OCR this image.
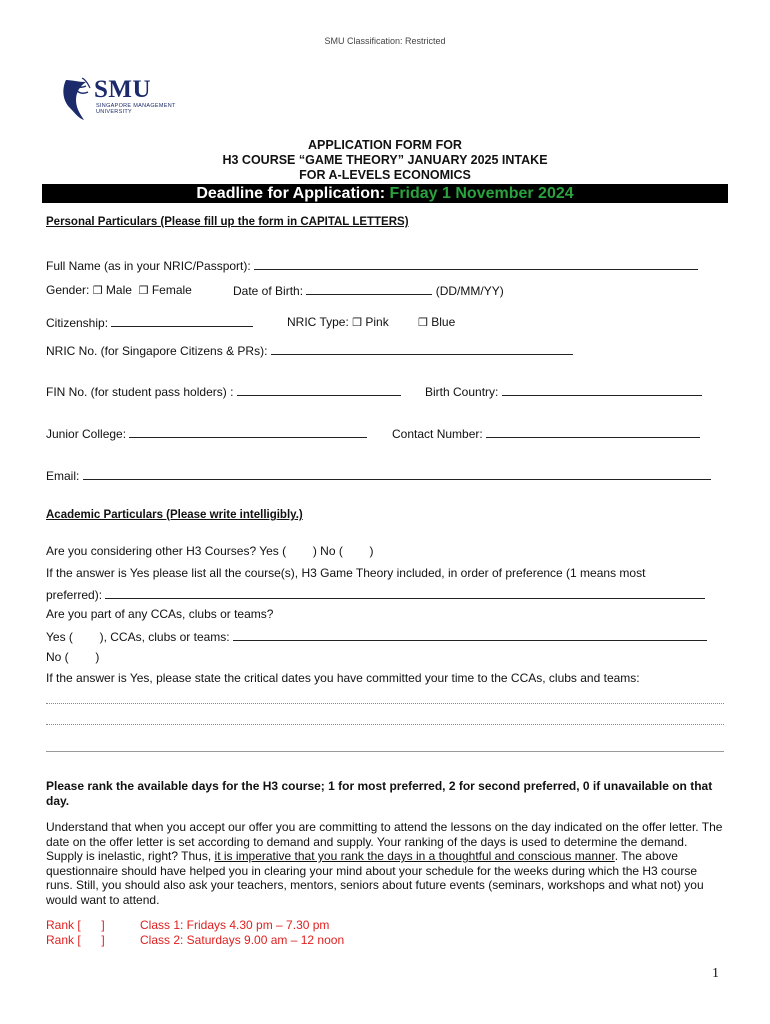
SMU Classification: Restricted
SMU
SINGAPORE MANAGEMENT
UNIVERSITY
APPLICATION FORM FOR
H3 COURSE “GAME THEORY” JANUARY 2025 INTAKE
FOR A-LEVELS ECONOMICS
Deadline for Application: Friday 1 November 2024
Personal Particulars (Please fill up the form in CAPITAL LETTERS)
Full Name (as in your NRIC/Passport):
Gender: ❒ Male ❒ Female	Date of Birth:	(DD/MM/YY)
Citizenship:	NRIC Type: ❒ Pink	❒ Blue
NRIC No. (for Singapore Citizens & PRs):
FIN No. (for student pass holders) :	Birth Country:
Junior College:	Contact Number:
Email:
Academic Particulars (Please write intelligibly.)
Are you considering other H3 Courses? Yes ( ) No ( )
If the answer is Yes please list all the course(s), H3 Game Theory included, in order of preference (1 means most
preferred):
Are you part of any CCAs, clubs or teams?
Yes ( ), CCAs, clubs or teams:
No ( )
If the answer is Yes, please state the critical dates you have committed your time to the CCAs, clubs and teams:
Please rank the available days for the H3 course; 1 for most preferred, 2 for second preferred, 0 if unavailable on that day.
Understand that when you accept our offer you are committing to attend the lessons on the day indicated on the offer letter. The date on the offer letter is set according to demand and supply. Your ranking of the days is used to determine the demand. Supply is inelastic, right? Thus, it is imperative that you rank the days in a thoughtful and conscious manner. The above questionnaire should have helped you in clearing your mind about your schedule for the weeks during which the H3 course runs. Still, you should also ask your teachers, mentors, seniors about future events (seminars, workshops and what not) you would want to attend.
Rank [ ]	Class 1: Fridays 4.30 pm – 7.30 pm
Rank [ ]	Class 2: Saturdays 9.00 am – 12 noon
1
